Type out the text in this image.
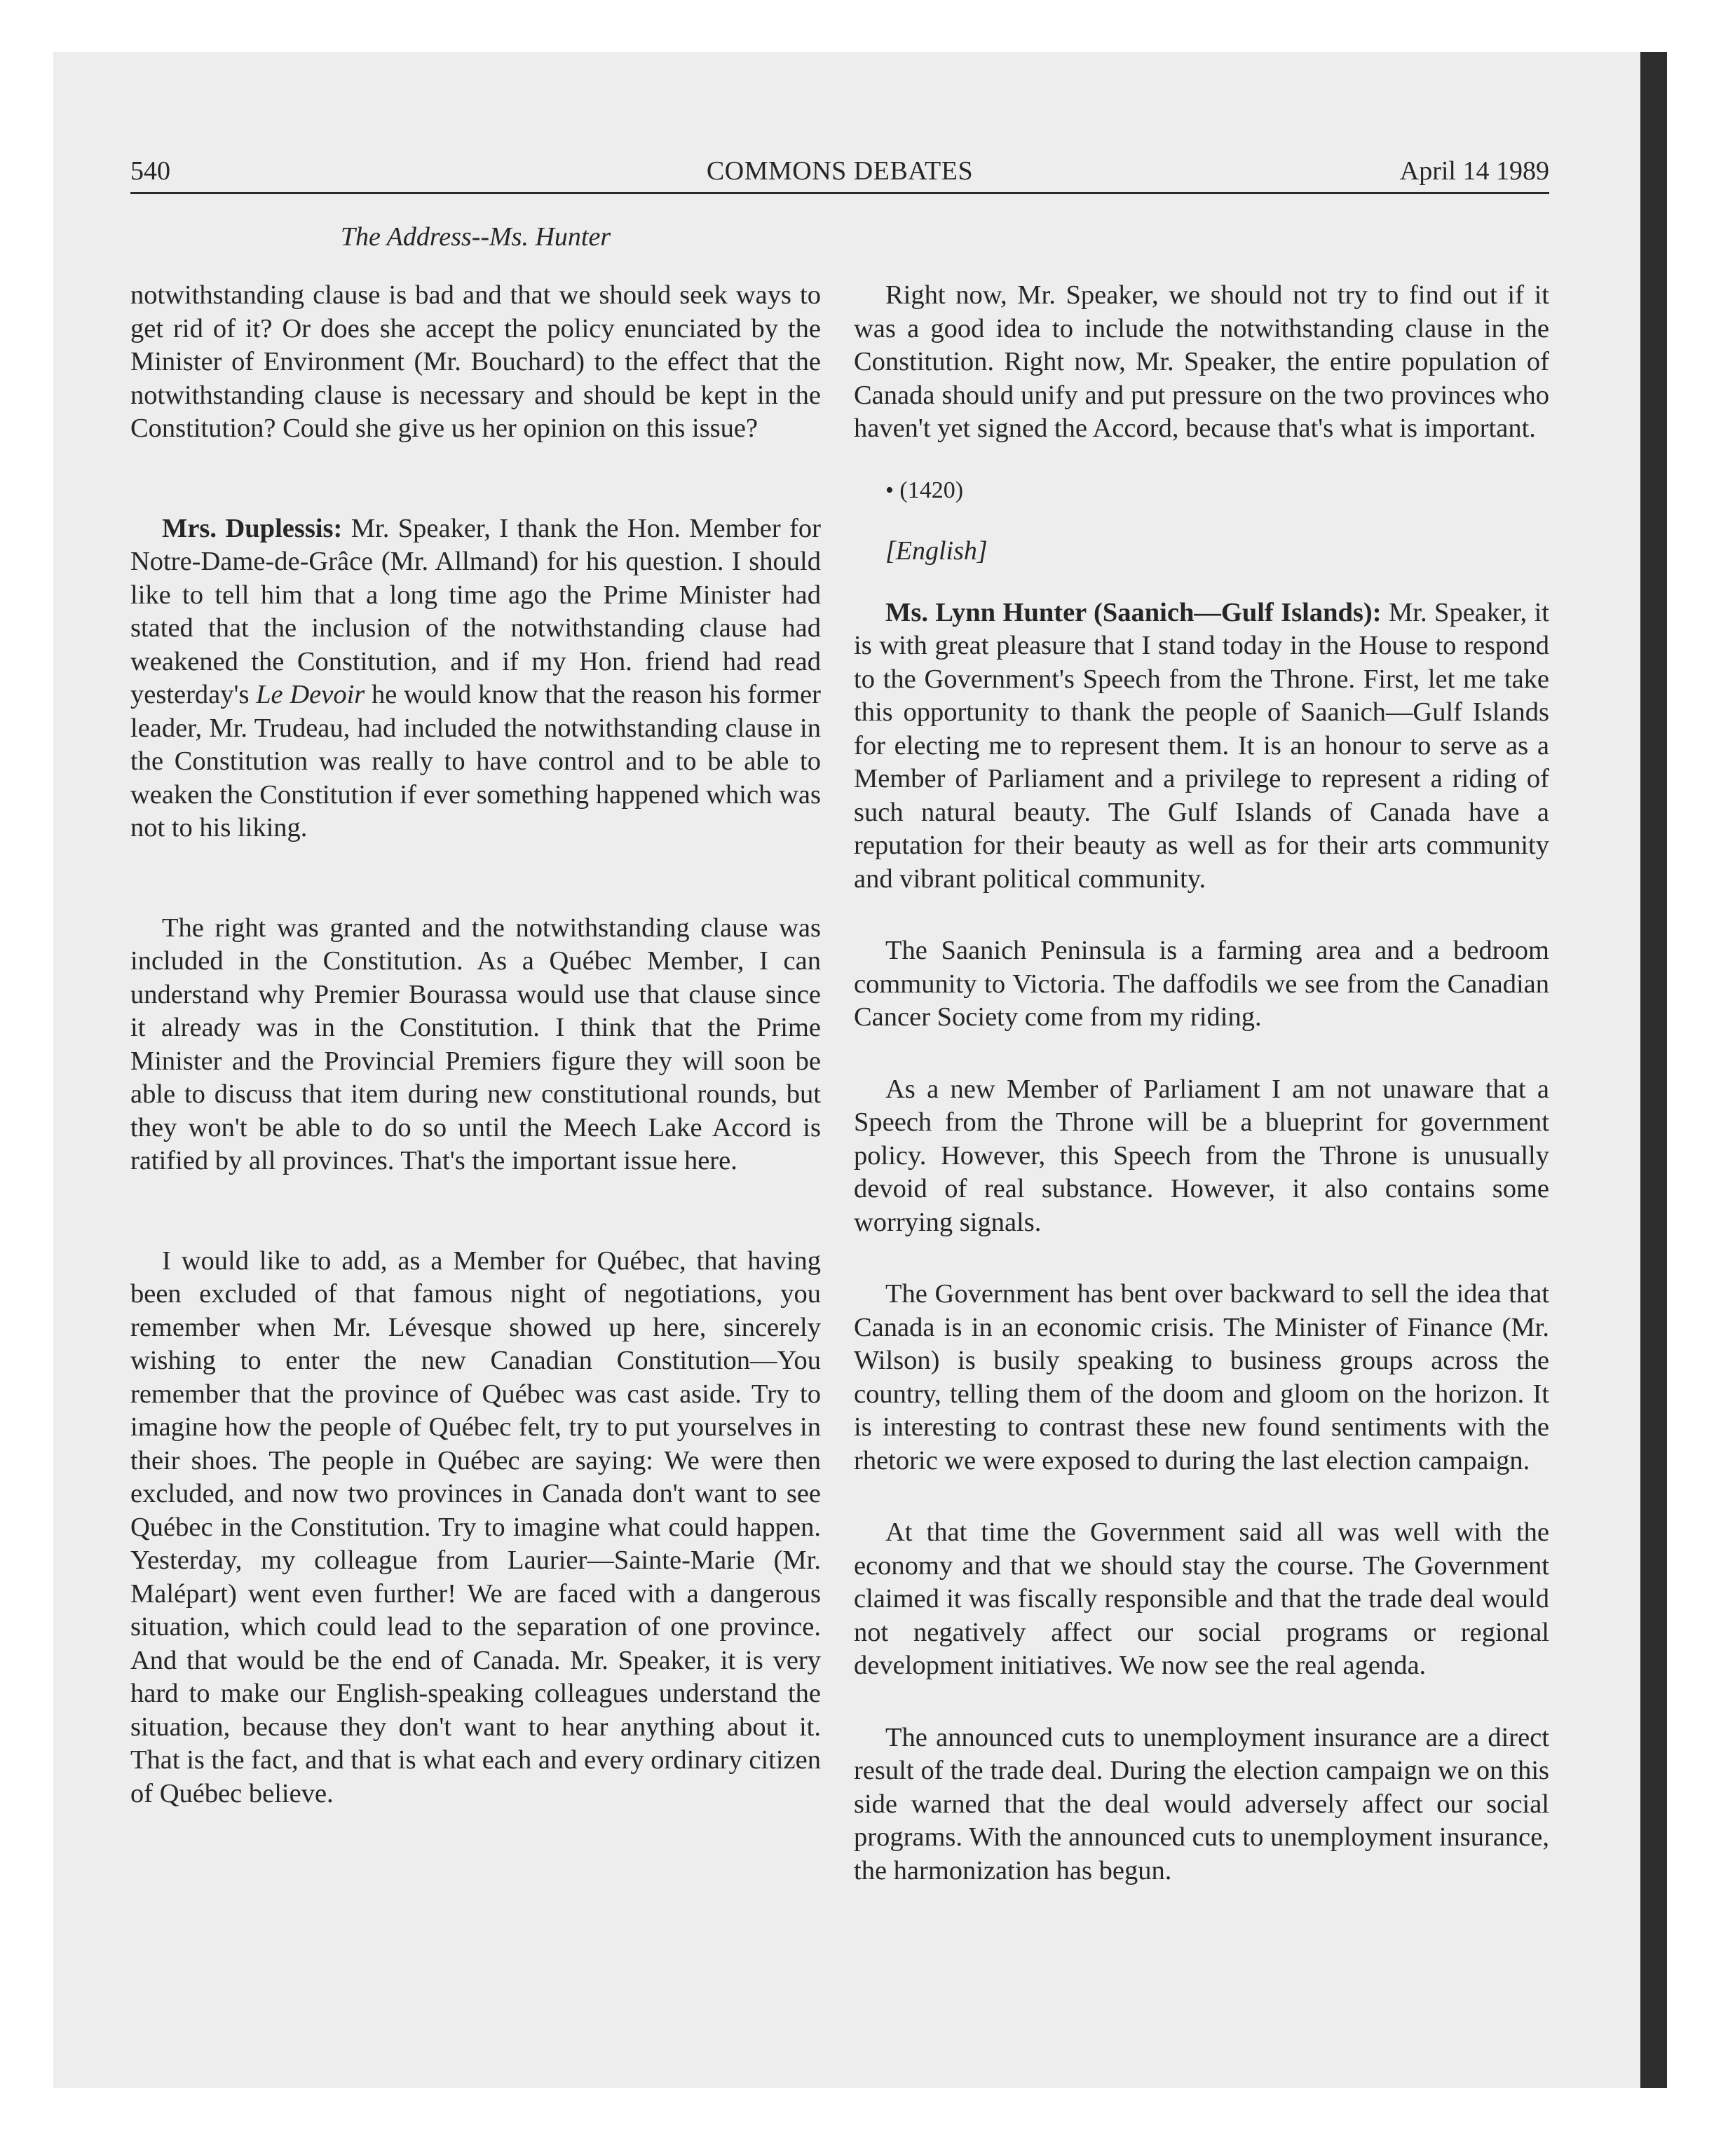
540	COMMONS DEBATES	April 14 1989
The Address--Ms. Hunter

notwithstanding clause is bad and that we should seek ways to get rid of it? Or does she accept the policy enunciated by the Minister of Environment (Mr. Bouchard) to the effect that the notwithstanding clause is necessary and should be kept in the Constitution? Could she give us her opinion on this issue?

Mrs. Duplessis: Mr. Speaker, I thank the Hon. Member for Notre-Dame-de-Grâce (Mr. Allmand) for his question. I should like to tell him that a long time ago the Prime Minister had stated that the inclusion of the notwithstanding clause had weakened the Constitution, and if my Hon. friend had read yesterday's Le Devoir he would know that the reason his former leader, Mr. Trudeau, had included the notwithstanding clause in the Constitution was really to have control and to be able to weaken the Constitution if ever something happened which was not to his liking.

The right was granted and the notwithstanding clause was included in the Constitution. As a Québec Member, I can understand why Premier Bourassa would use that clause since it already was in the Constitution. I think that the Prime Minister and the Provincial Premiers figure they will soon be able to discuss that item during new constitutional rounds, but they won't be able to do so until the Meech Lake Accord is ratified by all provinces. That's the important issue here.

I would like to add, as a Member for Québec, that having been excluded of that famous night of negotiations, you remember when Mr. Lévesque showed up here, sincerely wishing to enter the new Canadian Constitution—You remember that the province of Québec was cast aside. Try to imagine how the people of Québec felt, try to put yourselves in their shoes. The people in Québec are saying: We were then excluded, and now two provinces in Canada don't want to see Québec in the Constitution. Try to imagine what could happen. Yesterday, my colleague from Laurier—Sainte-Marie (Mr. Malépart) went even further! We are faced with a dangerous situation, which could lead to the separation of one province. And that would be the end of Canada. Mr. Speaker, it is very hard to make our English-speaking colleagues understand the situation, because they don't want to hear anything about it. That is the fact, and that is what each and every ordinary citizen of Québec believe.

Right now, Mr. Speaker, we should not try to find out if it was a good idea to include the notwithstanding clause in the Constitution. Right now, Mr. Speaker, the entire population of Canada should unify and put pressure on the two provinces who haven't yet signed the Accord, because that's what is important.

• (1420)

[English]

Ms. Lynn Hunter (Saanich—Gulf Islands): Mr. Speaker, it is with great pleasure that I stand today in the House to respond to the Government's Speech from the Throne. First, let me take this opportunity to thank the people of Saanich—Gulf Islands for electing me to represent them. It is an honour to serve as a Member of Parliament and a privilege to represent a riding of such natural beauty. The Gulf Islands of Canada have a reputation for their beauty as well as for their arts community and vibrant political community.

The Saanich Peninsula is a farming area and a bedroom community to Victoria. The daffodils we see from the Canadian Cancer Society come from my riding.

As a new Member of Parliament I am not unaware that a Speech from the Throne will be a blueprint for government policy. However, this Speech from the Throne is unusually devoid of real substance. However, it also contains some worrying signals.

The Government has bent over backward to sell the idea that Canada is in an economic crisis. The Minister of Finance (Mr. Wilson) is busily speaking to business groups across the country, telling them of the doom and gloom on the horizon. It is interesting to contrast these new found sentiments with the rhetoric we were exposed to during the last election campaign.

At that time the Government said all was well with the economy and that we should stay the course. The Government claimed it was fiscally responsible and that the trade deal would not negatively affect our social programs or regional development initiatives. We now see the real agenda.

The announced cuts to unemployment insurance are a direct result of the trade deal. During the election campaign we on this side warned that the deal would adversely affect our social programs. With the announced cuts to unemployment insurance, the harmonization has begun.
